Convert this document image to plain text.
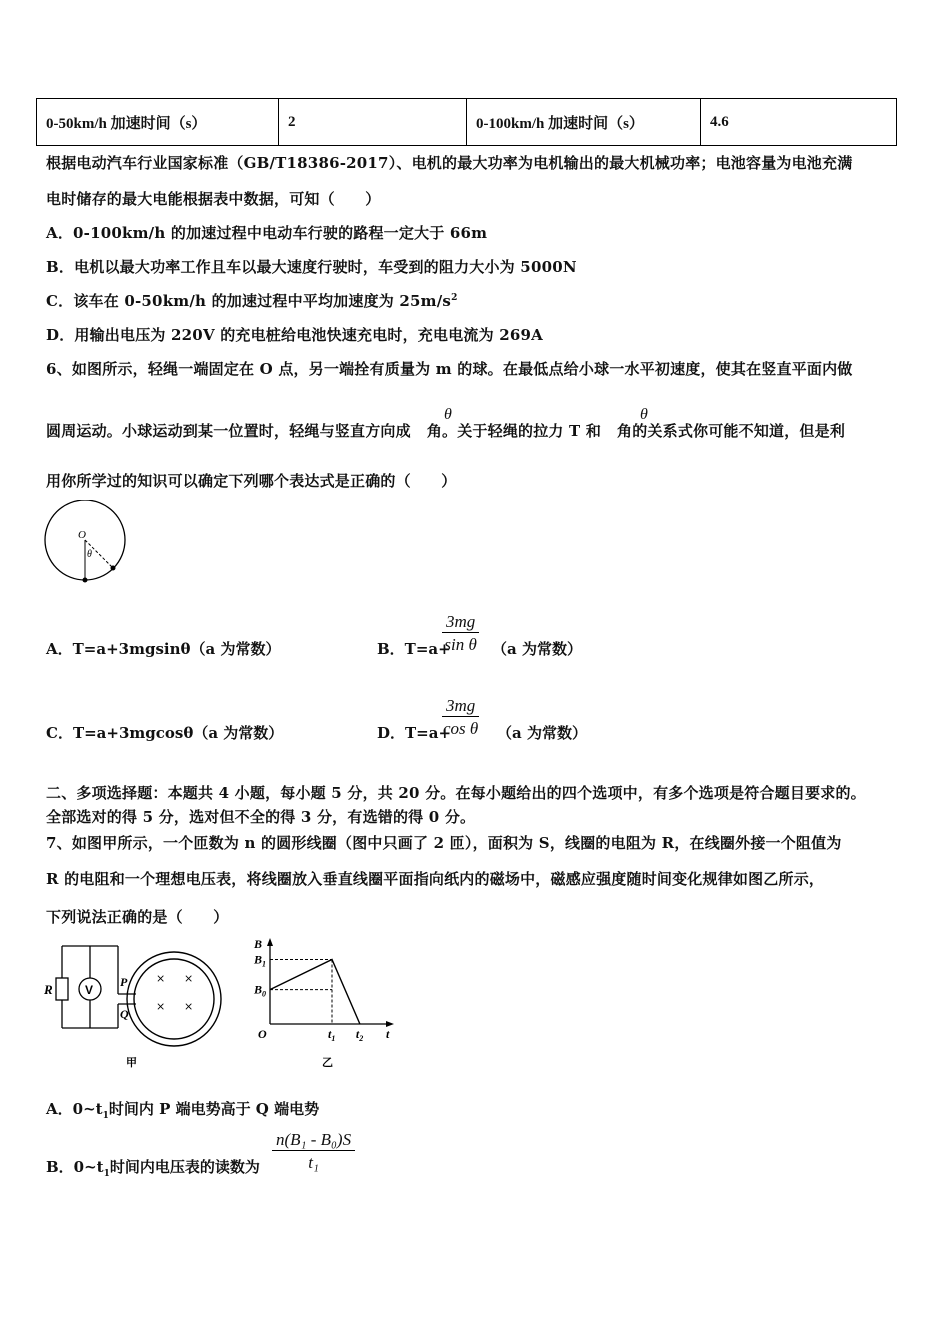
0-50km/h 加速时间（s）	2	0-100km/h 加速时间（s）	4.6
根据电动汽车行业国家标准（GB/T18386-2017）、电机的最大功率为电机输出的最大机械功率；电池容量为电池充满
电时储存的最大电能根据表中数据，可知（　　）
A．0-100km/h 的加速过程中电动车行驶的路程一定大于 66m
B．电机以最大功率工作且车以最大速度行驶时，车受到的阻力大小为 5000N
C．该车在 0-50km/h 的加速过程中平均加速度为 $25m/s^2$
D．用输出电压为 220V 的充电桩给电池快速充电时，充电电流为 269A
6、如图所示，轻绳一端固定在 O 点，另一端拴有质量为 m 的球。在最低点给小球一水平初速度，使其在竖直平面内做
圆周运动。小球运动到某一位置时，轻绳与竖直方向成 角。关于轻绳的拉力 T 和 角的关系式你可能不知道，但是利
θ	θ
用你所学过的知识可以确定下列哪个表达式是正确的（　　）
O
θ
A．T=a+3mgsinθ（a 为常数）	B．T=a+
$\frac{3mg}{\text{sin θ}} (a$ 为常数）
C．T=a+3mgcosθ（a 为常数）	D．T=a+
$\frac{3mg}{\text{cos θ}} (a$ 为常数）
二、多项选择题：本题共 4 小题，每小题 5 分，共 20 分。在每小题给出的四个选项中，有多个选项是符合题目要求的。
全部选对的得 5 分，选对但不全的得 3 分，有选错的得 0 分。
7、如图甲所示，一个匝数为 n 的圆形线圈（图中只画了 2 匝），面积为 S，线圈的电阻为 R，在线圈外接一个阻值为
R 的电阻和一个理想电压表，将线圈放入垂直线圈平面指向纸内的磁场中，磁感应强度随时间变化规律如图乙所示，
下列说法正确的是（　　）
R	V
P
Q
× ×
× ×
甲
B
$B_1$
$B_0$
O	$t_1$ $t_2$ t
乙
A．$0\sim t_1$时间内 P 端电势高于 Q 端电势
B．$0\sim t_1$时间内电压表的读数为 $\frac{\text{n(B₁ - B₀)S}}{\text{t₁}}$
